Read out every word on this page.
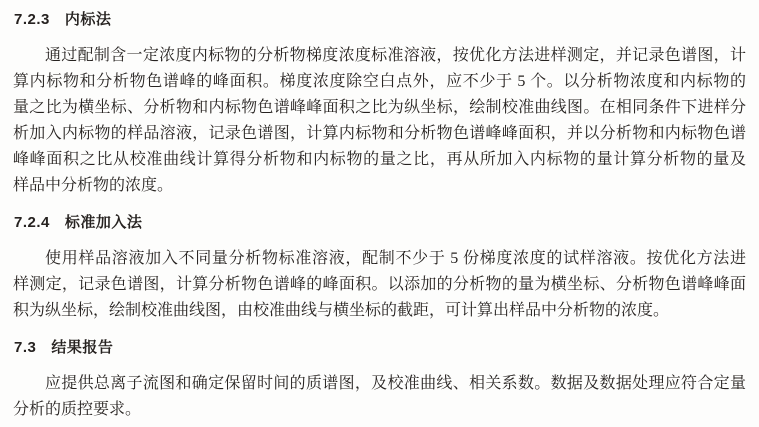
7.2.3 内标法
通过配制含一定浓度内标物的分析物梯度浓度标准溶液，按优化方法进样测定，并记录色谱图，计
算内标物和分析物色谱峰的峰面积。梯度浓度除空白点外，应不少于 5 个。以分析物浓度和内标物的
量之比为横坐标、分析物和内标物色谱峰峰面积之比为纵坐标，绘制校准曲线图。在相同条件下进样分
析加入内标物的样品溶液，记录色谱图，计算内标物和分析物色谱峰峰面积，并以分析物和内标物色谱
峰峰面积之比从校准曲线计算得分析物和内标物的量之比，再从所加入内标物的量计算分析物的量及
样品中分析物的浓度。
7.2.4 标准加入法
使用样品溶液加入不同量分析物标准溶液，配制不少于 5 份梯度浓度的试样溶液。按优化方法进
样测定，记录色谱图，计算分析物色谱峰的峰面积。以添加的分析物的量为横坐标、分析物色谱峰峰面
积为纵坐标，绘制校准曲线图，由校准曲线与横坐标的截距，可计算出样品中分析物的浓度。
7.3 结果报告
应提供总离子流图和确定保留时间的质谱图，及校准曲线、相关系数。数据及数据处理应符合定量
分析的质控要求。
